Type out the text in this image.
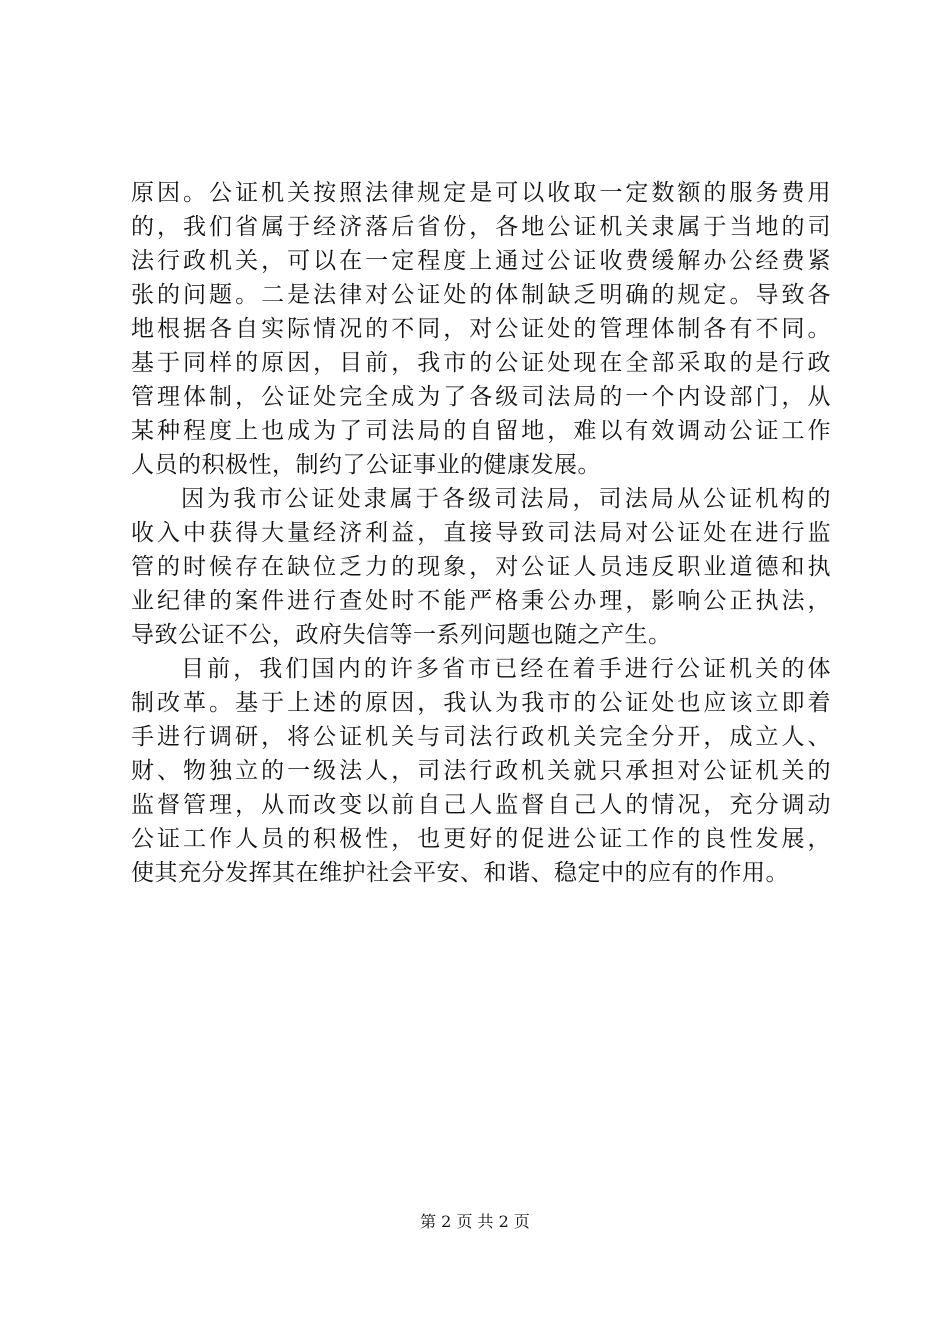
原因。公证机关按照法律规定是可以收取一定数额的服务费用
的，我们省属于经济落后省份，各地公证机关隶属于当地的司
法行政机关，可以在一定程度上通过公证收费缓解办公经费紧
张的问题。二是法律对公证处的体制缺乏明确的规定。导致各
地根据各自实际情况的不同，对公证处的管理体制各有不同。
基于同样的原因，目前，我市的公证处现在全部采取的是行政
管理体制，公证处完全成为了各级司法局的一个内设部门，从
某种程度上也成为了司法局的自留地，难以有效调动公证工作
人员的积极性，制约了公证事业的健康发展。
因为我市公证处隶属于各级司法局，司法局从公证机构的
收入中获得大量经济利益，直接导致司法局对公证处在进行监
管的时候存在缺位乏力的现象，对公证人员违反职业道德和执
业纪律的案件进行查处时不能严格秉公办理，影响公正执法，
导致公证不公，政府失信等一系列问题也随之产生。
目前，我们国内的许多省市已经在着手进行公证机关的体
制改革。基于上述的原因，我认为我市的公证处也应该立即着
手进行调研，将公证机关与司法行政机关完全分开，成立人、
财、物独立的一级法人，司法行政机关就只承担对公证机关的
监督管理，从而改变以前自己人监督自己人的情况，充分调动
公证工作人员的积极性，也更好的促进公证工作的良性发展，
使其充分发挥其在维护社会平安、和谐、稳定中的应有的作用。
第 2 页 共 2 页
